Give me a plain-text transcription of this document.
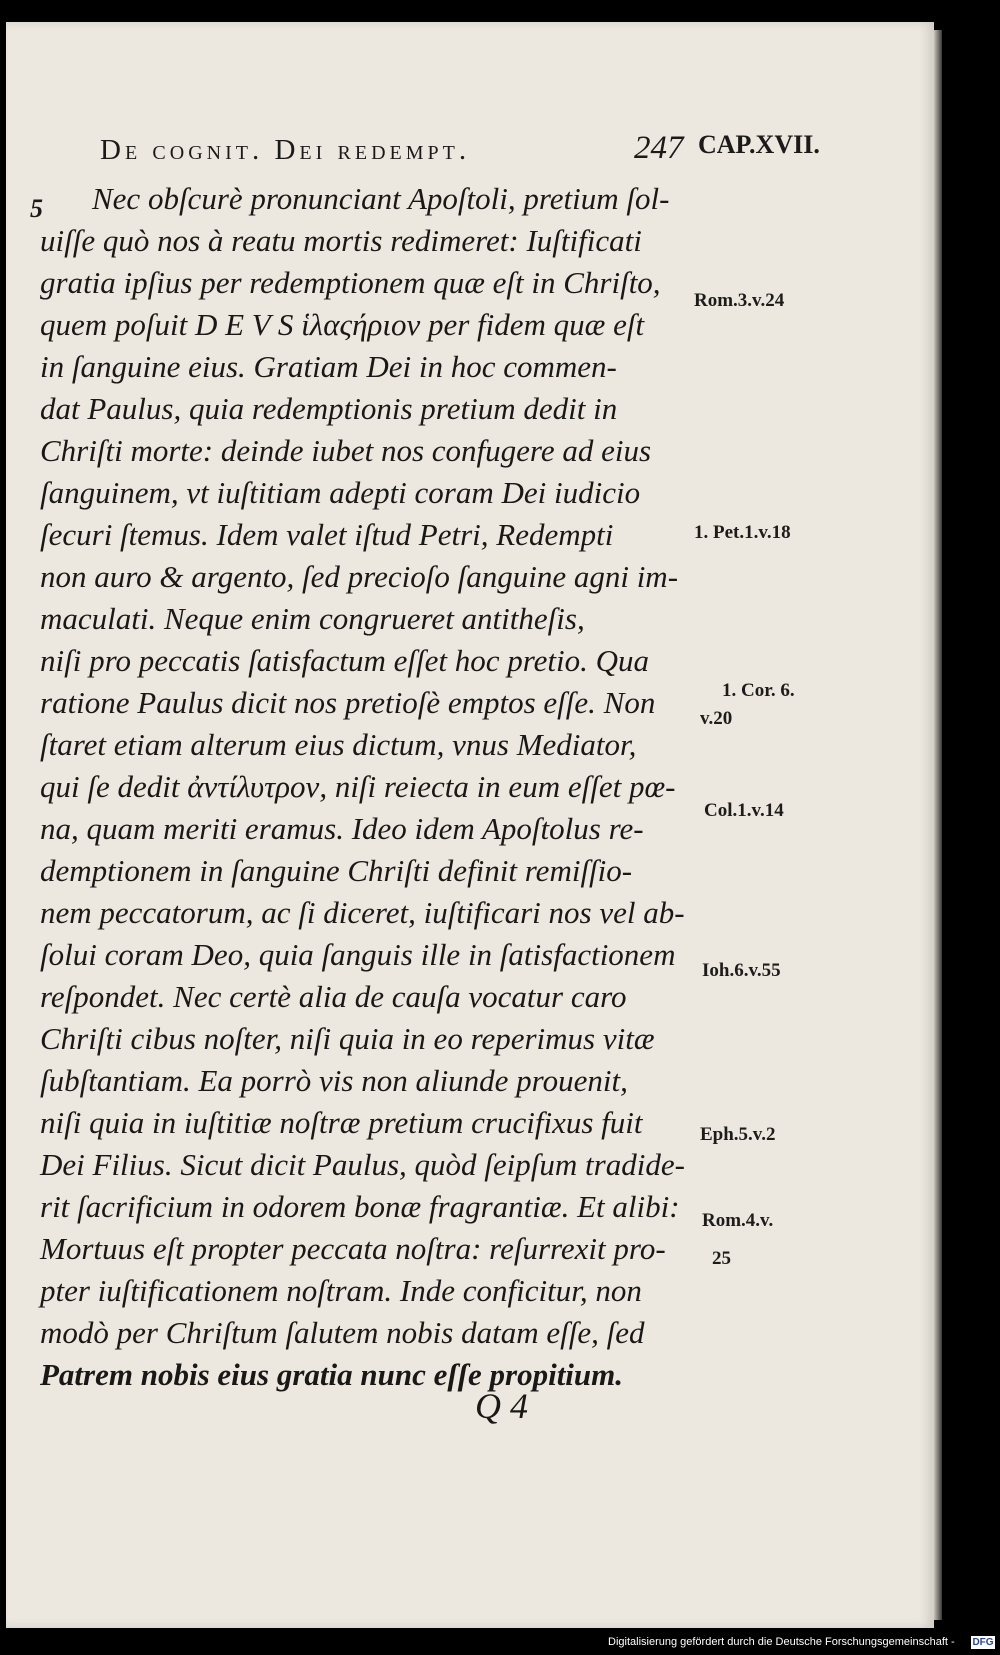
De cognit. Dei redempt.	247 CAP.XVII.
5 Nec obſcurè pronunciant Apoſtoli, pretium ſol-
uiſſe quò nos à reatu mortis redimeret: Iuſtificati
gratia ipſius per redemptionem quæ eſt in Chriſto,
quem poſuit D E V S ἱλαςήριον per fidem quæ eſt
in ſanguine eius. Gratiam Dei in hoc commen-
dat Paulus, quia redemptionis pretium dedit in
Chriſti morte: deinde iubet nos confugere ad eius
ſanguinem, vt iuſtitiam adepti coram Dei iudicio
ſecuri ſtemus. Idem valet iſtud Petri, Redempti
non auro & argento, ſed precioſo ſanguine agni im-
maculati. Neque enim congrueret antitheſis,
niſi pro peccatis ſatisfactum eſſet hoc pretio. Qua
ratione Paulus dicit nos pretioſè emptos eſſe. Non
ſtaret etiam alterum eius dictum, vnus Mediator,
qui ſe dedit ἀντίλυτρον, niſi reiecta in eum eſſet pœ-
na, quam meriti eramus. Ideo idem Apoſtolus re-
demptionem in ſanguine Chriſti definit remiſſio-
nem peccatorum, ac ſi diceret, iuſtificari nos vel ab-
ſolui coram Deo, quia ſanguis ille in ſatisfactionem
reſpondet. Nec certè alia de cauſa vocatur caro
Chriſti cibus noſter, niſi quia in eo reperimus vitæ
ſubſtantiam. Ea porrò vis non aliunde prouenit,
niſi quia in iuſtitiæ noſtræ pretium crucifixus fuit
Dei Filius. Sicut dicit Paulus, quòd ſeipſum tradide-
rit ſacrificium in odorem bonæ fragrantiæ. Et alibi:
Mortuus eſt propter peccata noſtra: reſurrexit pro-
pter iuſtificationem noſtram. Inde conficitur, non
modò per Chriſtum ſalutem nobis datam eſſe, ſed
Patrem nobis eius gratia nunc eſſe propitium.
Rom.3.v.24
1. Pet.1.v.18
1. Cor. 6.
v.20
Col.1.v.14
Ioh.6.v.55
Eph.5.v.2
Rom.4.v.
25
Q 4
Digitalisierung gefördert durch die Deutsche Forschungsgemeinschaft - DFG
